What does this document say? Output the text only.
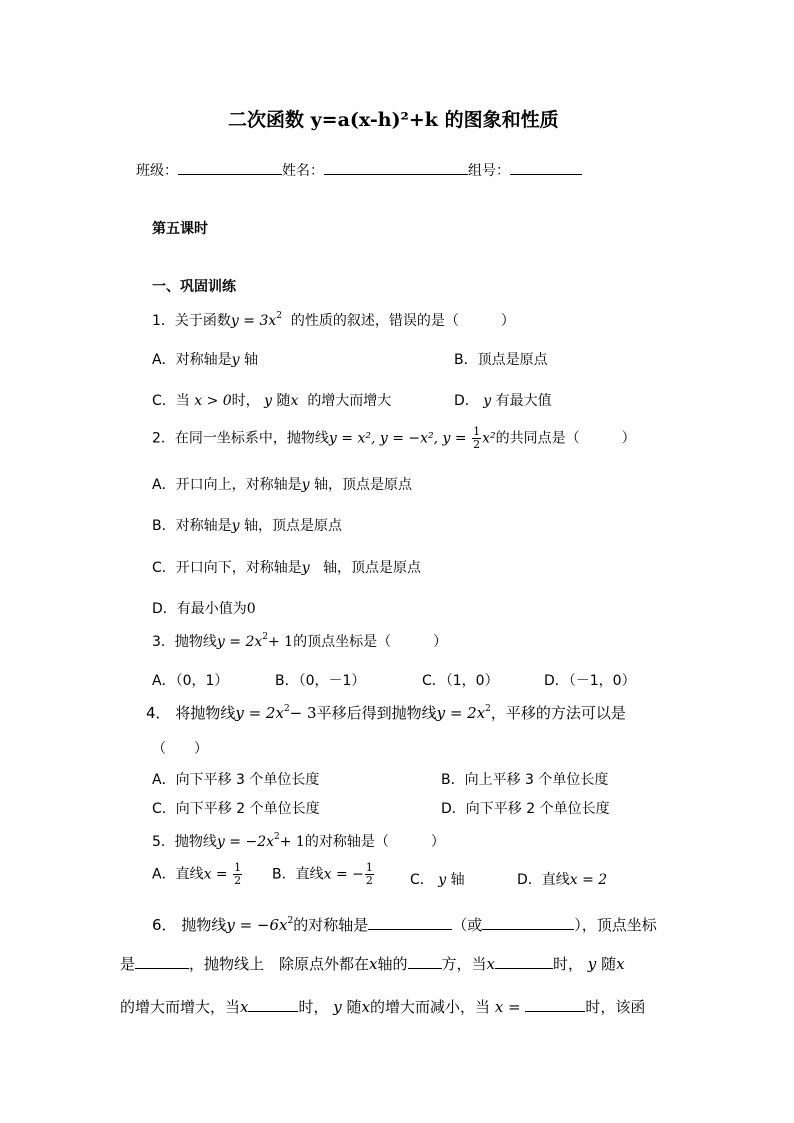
二次函数 y=a(x-h)²+k 的图象和性质
班级：	姓名：	组号：
第五课时
一、巩固训练
1．关于函数$y = 3x^2$ 的性质的叙述，错误的是（　　　）
A．对称轴是y 轴	B．顶点是原点
C．当 x > 0时， y 随x 的增大而增大	D． y 有最大值
2．在同一坐标系中，抛物线y = x², y = −x², $y = \frac{1}{2} x^2$的共同点是（　　　）
A．开口向上，对称轴是y 轴，顶点是原点
B．对称轴是y 轴，顶点是原点
C．开口向下，对称轴是y 轴，顶点是原点
D．有最小值为0
3．抛物线$y = 2x^2+ 1$的顶点坐标是（　　　）
A．（0，1）	B．（0，－1）	C．（1，0）	D．（－1，0）
4． 将抛物线$y = 2x^2- 3$平移后得到抛物线$y = 2x^2$，平移的方法可以是
（　　）
A．向下平移 3 个单位长度	B．向上平移 3 个单位长度
C．向下平移 2 个单位长度	D．向下平移 2 个单位长度
5．抛物线$y = -2x^2+ 1$的对称轴是（　　　）
A．直线$x = \frac{1}{2}$ B．直线x = − $\frac{1}{2}$	C． y 轴	D．直线x = 2
6． 抛物线$y = -6x^2$的对称轴是	（或	），顶点坐标
是	，抛物线上　除原点外都在x轴的 方，当x	时， y 随x
的增大而增大，当x	时， y 随x的增大而减小，当 x =	时，该函
